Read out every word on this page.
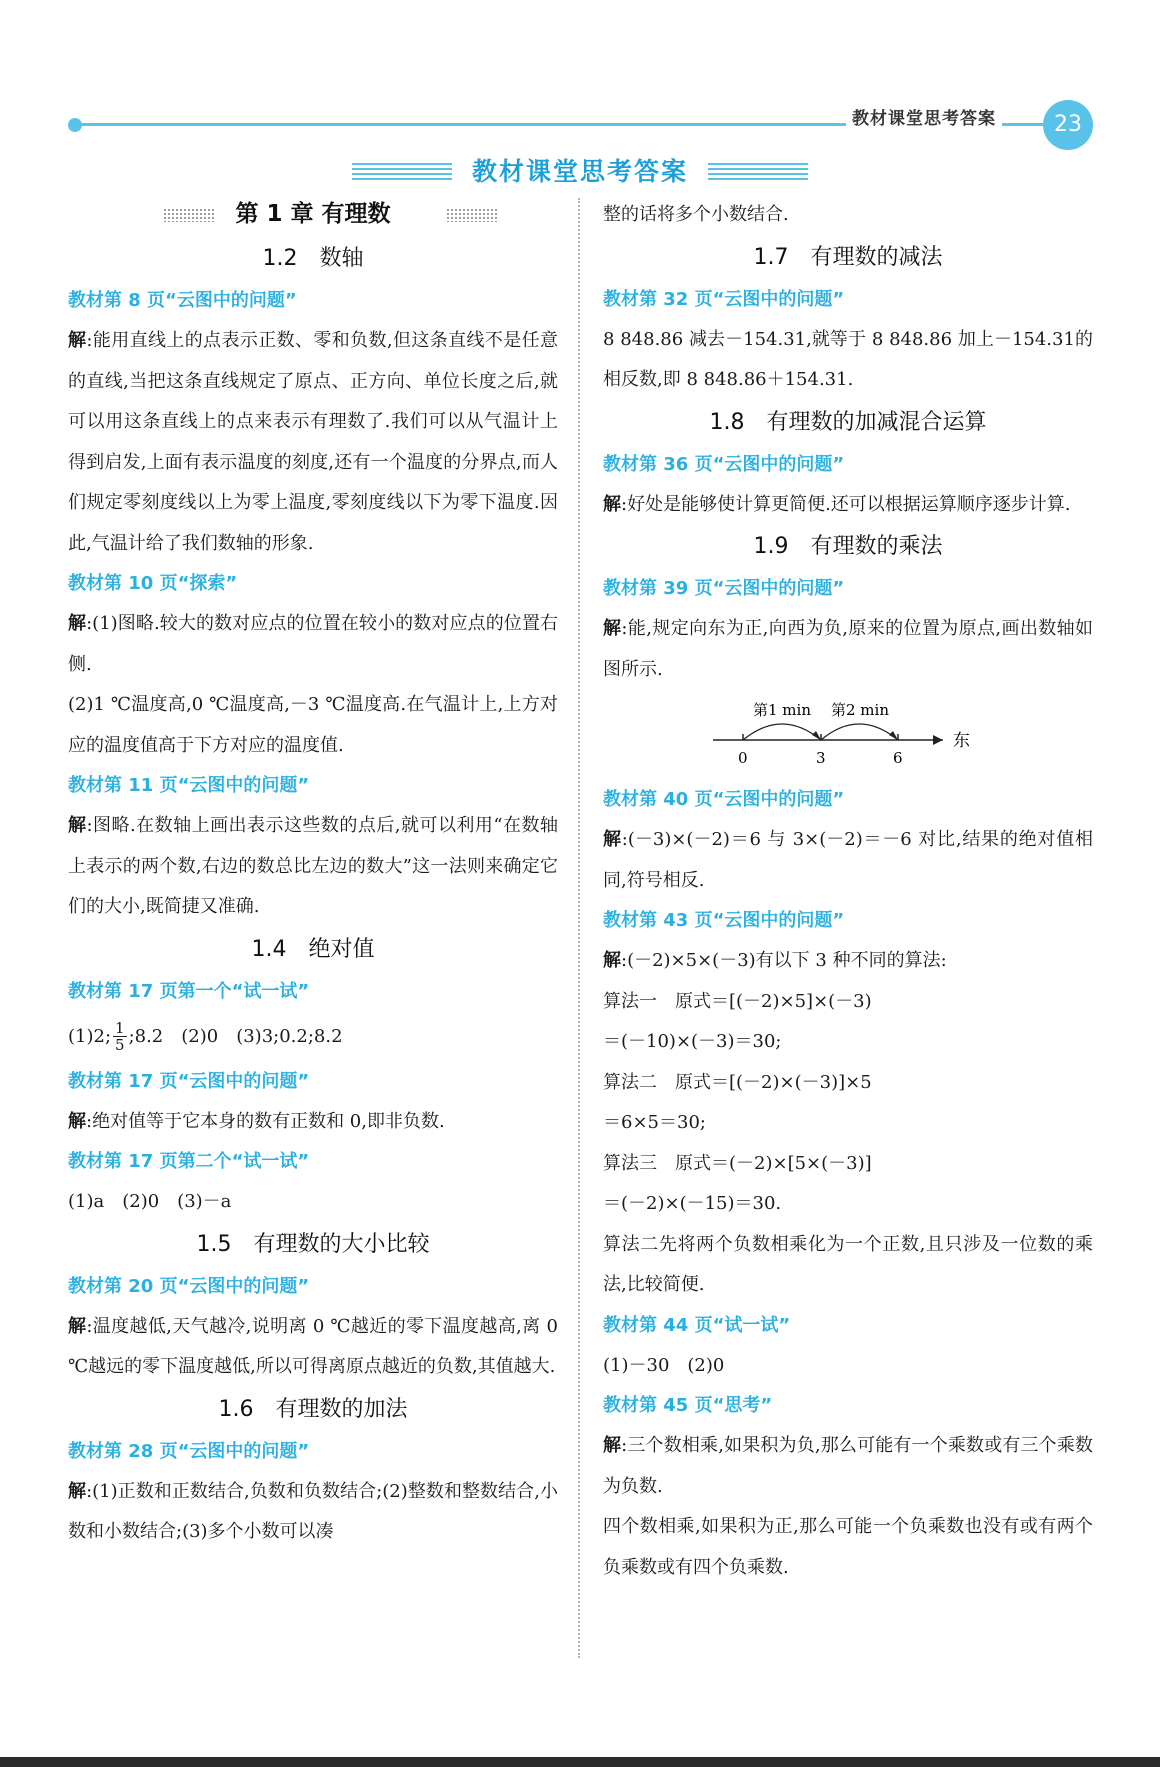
教材课堂思考答案	23
教材课堂思考答案
第 1 章 有理数
1.2　数轴
教材第 8 页“云图中的问题”
解:能用直线上的点表示正数、零和负数,但这条直线不是任意的直线,当把这条直线规定了原点、正方向、单位长度之后,就可以用这条直线上的点来表示有理数了.我们可以从气温计上得到启发,上面有表示温度的刻度,还有一个温度的分界点,而人们规定零刻度线以上为零上温度,零刻度线以下为零下温度.因此,气温计给了我们数轴的形象.
教材第 10 页“探索”
解:(1)图略.较大的数对应点的位置在较小的数对应点的位置右侧.
(2)1 ℃温度高,0 ℃温度高,－3 ℃温度高.在气温计上,上方对应的温度值高于下方对应的温度值.
教材第 11 页“云图中的问题”
解:图略.在数轴上画出表示这些数的点后,就可以利用“在数轴上表示的两个数,右边的数总比左边的数大”这一法则来确定它们的大小,既简捷又准确.
1.4　绝对值
教材第 17 页第一个“试一试”
(1)2; $\frac{1}{5}$ ;8.2　(2)0　(3)3;0.2;8.2
教材第 17 页“云图中的问题”
解:绝对值等于它本身的数有正数和 0,即非负数.
教材第 17 页第二个“试一试”
(1)a　(2)0　(3)－a
1.5　有理数的大小比较
教材第 20 页“云图中的问题”
解:温度越低,天气越冷,说明离 0 ℃越近的零下温度越高,离 0 ℃越远的零下温度越低,所以可得离原点越近的负数,其值越大.
1.6　有理数的加法
教材第 28 页“云图中的问题”
解:(1)正数和正数结合,负数和负数结合;(2)整数和整数结合,小数和小数结合;(3)多个小数可以凑
整的话将多个小数结合.
1.7　有理数的减法
教材第 32 页“云图中的问题”
8 848.86 减去－154.31,就等于 8 848.86 加上－154.31的相反数,即 8 848.86＋154.31.
1.8　有理数的加减混合运算
教材第 36 页“云图中的问题”
解:好处是能够使计算更简便.还可以根据运算顺序逐步计算.
1.9　有理数的乘法
教材第 39 页“云图中的问题”
解:能,规定向东为正,向西为负,原来的位置为原点,画出数轴如图所示.
第1 min 第2 min
0	3	6
东
教材第 40 页“云图中的问题”
解:(－3)×(－2)＝6 与 3×(－2)＝－6 对比,结果的绝对值相同,符号相反.
教材第 43 页“云图中的问题”
解:(－2)×5×(－3)有以下 3 种不同的算法:
算法一　原式＝[(－2)×5]×(－3)
＝(－10)×(－3)＝30;
算法二　原式＝[(－2)×(－3)]×5
＝6×5＝30;
算法三　原式＝(－2)×[5×(－3)]
＝(－2)×(－15)＝30.
算法二先将两个负数相乘化为一个正数,且只涉及一位数的乘法,比较简便.
教材第 44 页“试一试”
(1)－30　(2)0
教材第 45 页“思考”
解:三个数相乘,如果积为负,那么可能有一个乘数或有三个乘数为负数.
四个数相乘,如果积为正,那么可能一个负乘数也没有或有两个负乘数或有四个负乘数.
